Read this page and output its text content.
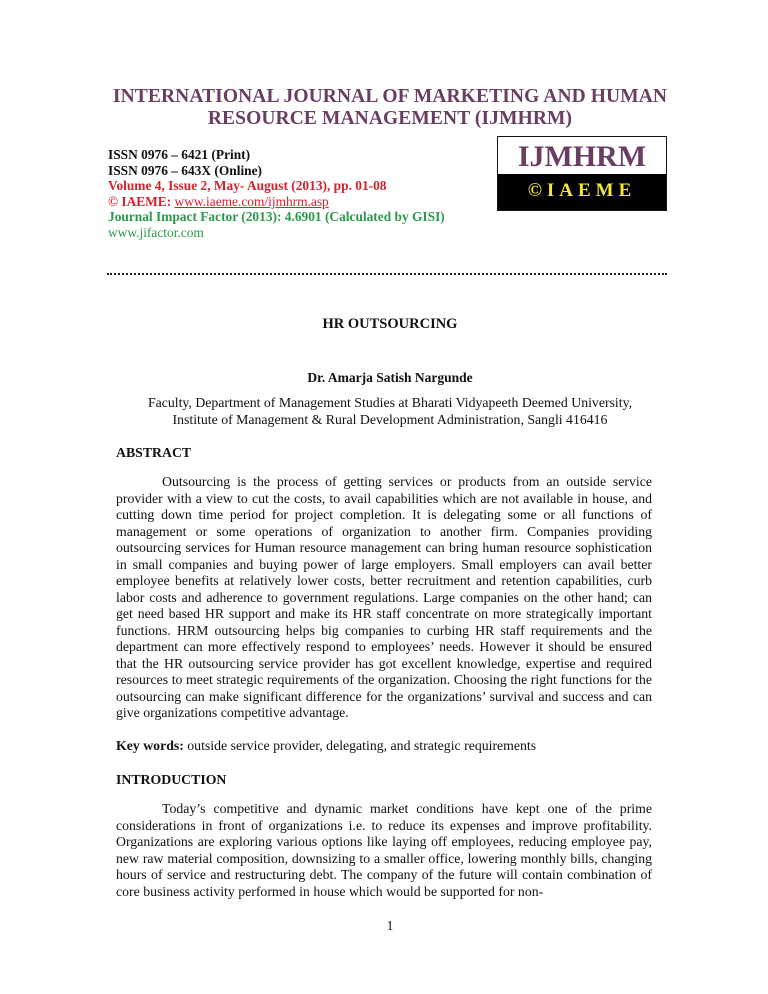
INTERNATIONAL JOURNAL OF MARKETING AND HUMAN
RESOURCE MANAGEMENT (IJMHRM)
ISSN 0976 – 6421 (Print)
ISSN 0976 – 643X (Online)
Volume 4, Issue 2, May- August (2013), pp. 01-08
© IAEME: www.iaeme.com/ijmhrm.asp
Journal Impact Factor (2013): 4.6901 (Calculated by GISI)
www.jifactor.com
IJMHRM
©IAEME
HR OUTSOURCING
Dr. Amarja Satish Nargunde
Faculty, Department of Management Studies at Bharati Vidyapeeth Deemed University,
Institute of Management & Rural Development Administration, Sangli 416416
ABSTRACT
Outsourcing is the process of getting services or products from an outside service provider with a view to cut the costs, to avail capabilities which are not available in house, and cutting down time period for project completion. It is delegating some or all functions of management or some operations of organization to another firm. Companies providing outsourcing services for Human resource management can bring human resource sophistication in small companies and buying power of large employers. Small employers can avail better employee benefits at relatively lower costs, better recruitment and retention capabilities, curb labor costs and adherence to government regulations. Large companies on the other hand; can get need based HR support and make its HR staff concentrate on more strategically important functions. HRM outsourcing helps big companies to curbing HR staff requirements and the department can more effectively respond to employees’ needs. However it should be ensured that the HR outsourcing service provider has got excellent knowledge, expertise and required resources to meet strategic requirements of the organization. Choosing the right functions for the outsourcing can make significant difference for the organizations’ survival and success and can give organizations competitive advantage.
Key words: outside service provider, delegating, and strategic requirements
INTRODUCTION
Today’s competitive and dynamic market conditions have kept one of the prime considerations in front of organizations i.e. to reduce its expenses and improve profitability. Organizations are exploring various options like laying off employees, reducing employee pay, new raw material composition, downsizing to a smaller office, lowering monthly bills, changing hours of service and restructuring debt. The company of the future will contain combination of core business activity performed in house which would be supported for non-
1
